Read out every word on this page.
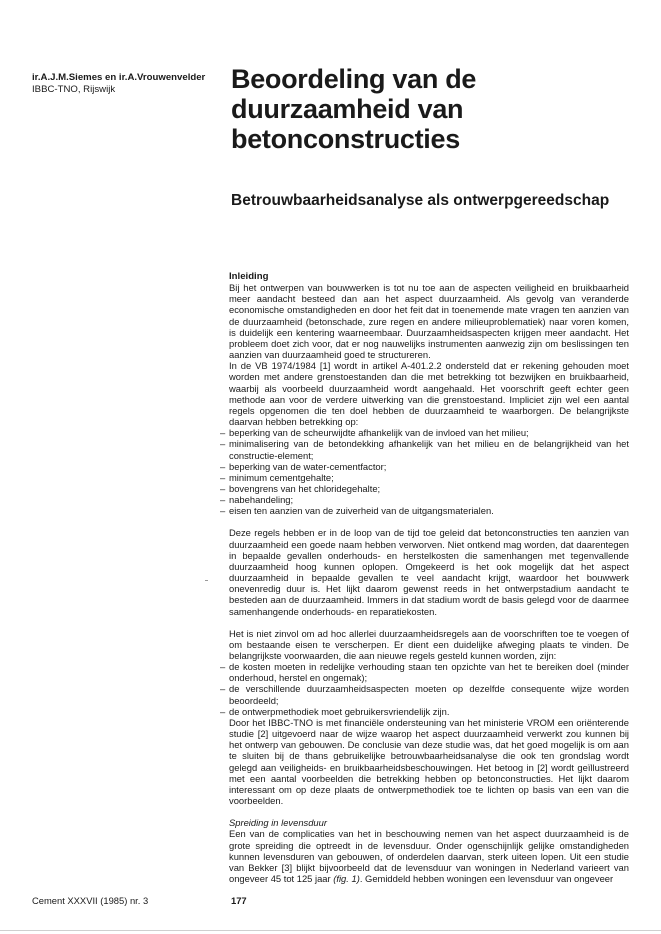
ir.A.J.M.Siemes en ir.A.Vrouwenvelder
IBBC-TNO, Rijswijk	Beoordeling van de duurzaamheid van betonconstructies
Betrouwbaarheidsanalyse als ontwerpgereedschap
Inleiding

Bij het ontwerpen van bouwwerken is tot nu toe aan de aspecten veiligheid en bruikbaarheid meer aandacht besteed dan aan het aspect duurzaamheid. Als gevolg van veranderde economische omstandigheden en door het feit dat in toenemende mate vragen ten aanzien van de duurzaamheid (betonschade, zure regen en andere milieuproblematiek) naar voren komen, is duidelijk een kentering waarneembaar. Duurzaamheidsaspecten krijgen meer aandacht. Het probleem doet zich voor, dat er nog nauwelijks instrumenten aanwezig zijn om beslissingen ten aanzien van duurzaamheid goed te structureren.

In de VB 1974/1984 [1] wordt in artikel A-401.2.2 ondersteld dat er rekening gehouden moet worden met andere grenstoestanden dan die met betrekking tot bezwijken en bruikbaarheid, waarbij als voorbeeld duurzaamheid wordt aangehaald. Het voorschrift geeft echter geen methode aan voor de verdere uitwerking van die grenstoestand. Impliciet zijn wel een aantal regels opgenomen die ten doel hebben de duurzaamheid te waarborgen. De belangrijkste daarvan hebben betrekking op:

– beperking van de scheurwijdte afhankelijk van de invloed van het milieu;
– minimalisering van de betondekking afhankelijk van het milieu en de belangrijkheid van het constructie-element;
– beperking van de water-cementfactor;
– minimum cementgehalte;
– bovengrens van het chloridegehalte;
– nabehandeling;
– eisen ten aanzien van de zuiverheid van de uitgangsmaterialen.

Deze regels hebben er in de loop van de tijd toe geleid dat betonconstructies ten aanzien van duurzaamheid een goede naam hebben verworven. Niet ontkend mag worden, dat daarentegen in bepaalde gevallen onderhouds- en herstelkosten die samenhangen met tegenvallende duurzaamheid hoog kunnen oplopen. Omgekeerd is het ook mogelijk dat het aspect duurzaamheid in bepaalde gevallen te veel aandacht krijgt, waardoor het bouwwerk onevenredig duur is. Het lijkt daarom gewenst reeds in het ontwerpstadium aandacht te besteden aan de duurzaamheid. Immers in dat stadium wordt de basis gelegd voor de daarmee samenhangende onderhouds- en reparatiekosten.

Het is niet zinvol om ad hoc allerlei duurzaamheidsregels aan de voorschriften toe te voegen of om bestaande eisen te verscherpen. Er dient een duidelijke afweging plaats te vinden. De belangrijkste voorwaarden, die aan nieuwe regels gesteld kunnen worden, zijn:

– de kosten moeten in redelijke verhouding staan ten opzichte van het te bereiken doel (minder onderhoud, herstel en ongemak);
– de verschillende duurzaamheidsaspecten moeten op dezelfde consequente wijze worden beoordeeld;
– de ontwerpmethodiek moet gebruikersvriendelijk zijn.

Door het IBBC-TNO is met financiële ondersteuning van het ministerie VROM een oriënterende studie [2] uitgevoerd naar de wijze waarop het aspect duurzaamheid verwerkt zou kunnen bij het ontwerp van gebouwen. De conclusie van deze studie was, dat het goed mogelijk is om aan te sluiten bij de thans gebruikelijke betrouwbaarheidsanalyse die ook ten grondslag wordt gelegd aan veiligheids- en bruikbaarheidsbeschouwingen. Het betoog in [2] wordt geïllustreerd met een aantal voorbeelden die betrekking hebben op betonconstructies. Het lijkt daarom interessant om op deze plaats de ontwerpmethodiek toe te lichten op basis van een van die voorbeelden.

Spreiding in levensduur

Een van de complicaties van het in beschouwing nemen van het aspect duurzaamheid is de grote spreiding die optreedt in de levensduur. Onder ogenschijnlijk gelijke omstandigheden kunnen levensduren van gebouwen, of onderdelen daarvan, sterk uiteen lopen. Uit een studie van Bekker [3] blijkt bijvoorbeeld dat de levensduur van woningen in Nederland varieert van ongeveer 45 tot 125 jaar (fig. 1). Gemiddeld hebben woningen een levensduur van ongeveer

Cement XXXVII (1985) nr. 3	177
